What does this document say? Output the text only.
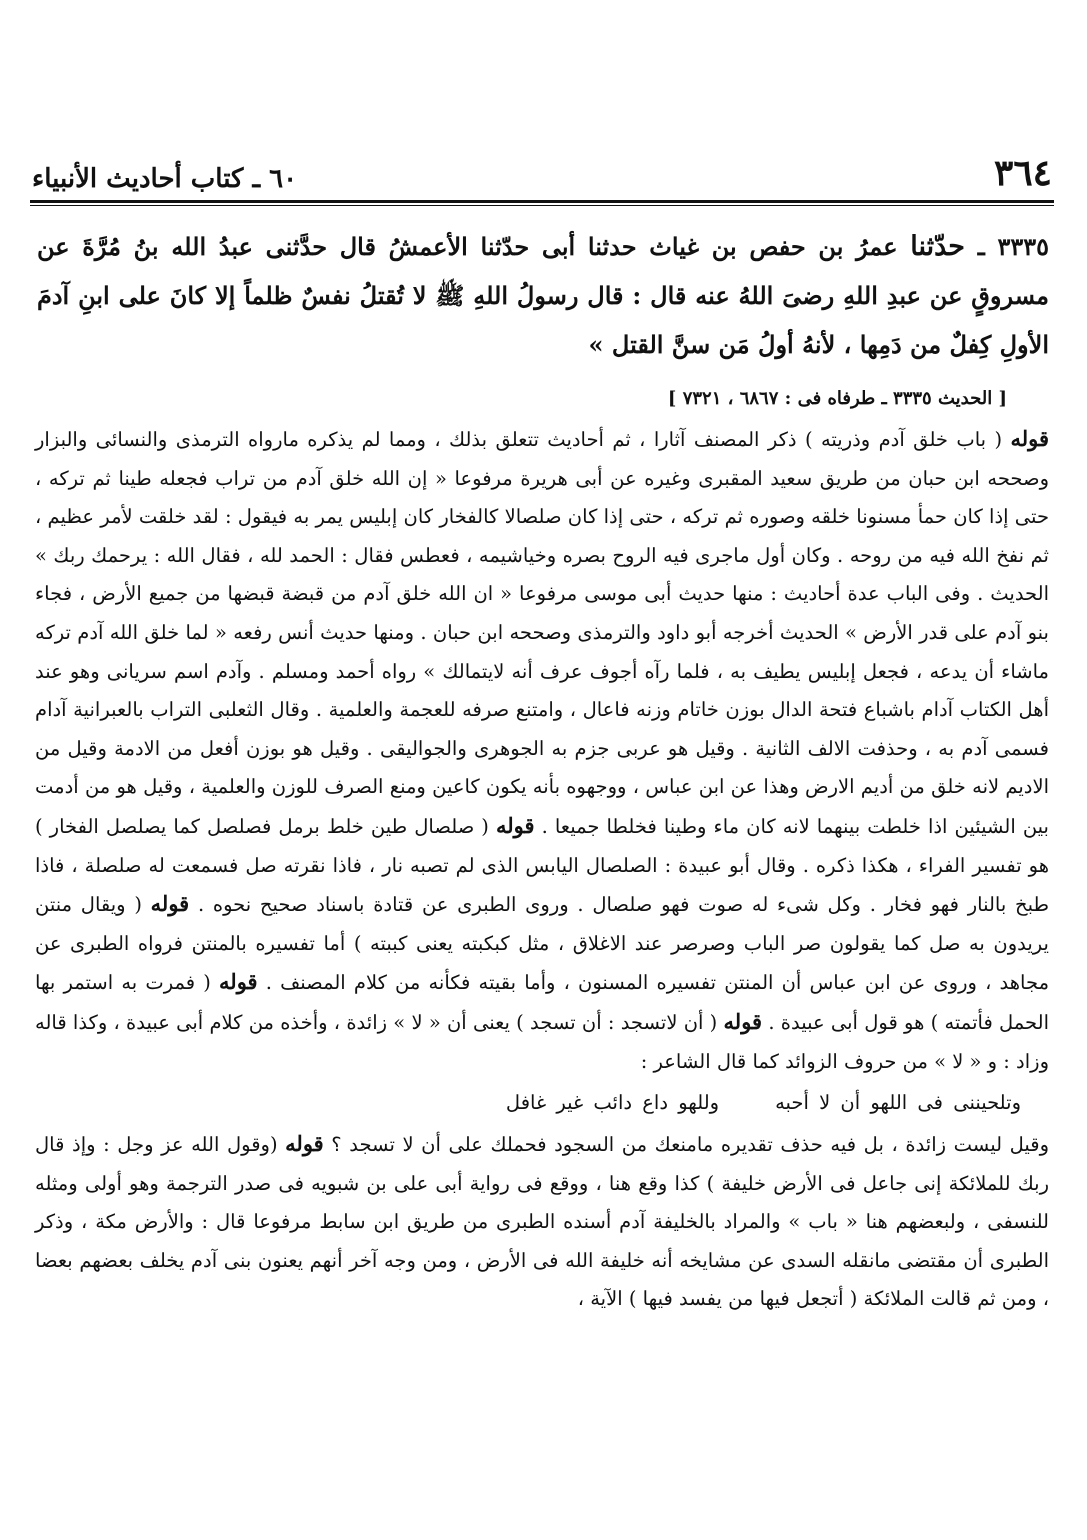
٣٦٤
٦٠ ـ كتاب أحاديث الأنبياء
٣٣٣٥ ـ حدّثنا عمرُ بن حفص بن غياث حدثنا أبى حدّثنا الأعمشُ قال حدَّثنى عبدُ الله بنُ مُرَّةَ عن مسروقٍ عن عبدِ اللهِ رضىَ اللهُ عنه قال : قال رسولُ اللهِ ﷺ لا تُقتلُ نفسٌ ظلماً إلا كانَ على ابنِ آدمَ الأولِ كِفلٌ من دَمِها ، لأنهُ أولُ مَن سنَّ القتل »
[ الحديث ٣٣٣٥ ـ طرفاه فى : ٦٨٦٧ ، ٧٣٢١ ]

قوله ( باب خلق آدم وذريته ) ذكر المصنف آثارا ، ثم أحاديث تتعلق بذلك ، ومما لم يذكره مارواه الترمذى والنسائى والبزار وصححه ابن حبان من طريق سعيد المقبرى وغيره عن أبى هريرة مرفوعا « إن الله خلق آدم من تراب فجعله طينا ثم تركه ، حتى إذا كان حمأ مسنونا خلقه وصوره ثم تركه ، حتى إذا كان صلصالا كالفخار كان إبليس يمر به فيقول : لقد خلقت لأمر عظيم ، ثم نفخ الله فيه من روحه . وكان أول ماجرى فيه الروح بصره وخياشيمه ، فعطس فقال : الحمد لله ، فقال الله : يرحمك ربك » الحديث . وفى الباب عدة أحاديث : منها حديث أبى موسى مرفوعا « ان الله خلق آدم من قبضة قبضها من جميع الأرض ، فجاء بنو آدم على قدر الأرض » الحديث أخرجه أبو داود والترمذى وصححه ابن حبان . ومنها حديث أنس رفعه « لما خلق الله آدم تركه ماشاء أن يدعه ، فجعل إبليس يطيف به ، فلما رآه أجوف عرف أنه لايتمالك » رواه أحمد ومسلم . وآدم اسم سريانى وهو عند أهل الكتاب آدام باشباع فتحة الدال بوزن خاتام وزنه فاعال ، وامتنع صرفه للعجمة والعلمية . وقال الثعلبى التراب بالعبرانية آدام فسمى آدم به ، وحذفت الالف الثانية . وقيل هو عربى جزم به الجوهرى والجواليقى . وقيل هو بوزن أفعل من الادمة وقيل من الاديم لانه خلق من أديم الارض وهذا عن ابن عباس ، ووجهوه بأنه يكون كاعين ومنع الصرف للوزن والعلمية ، وقيل هو من أدمت بين الشيئين اذا خلطت بينهما لانه كان ماء وطينا فخلطا جميعا . قوله ( صلصال طين خلط برمل فصلصل كما يصلصل الفخار ) هو تفسير الفراء ، هكذا ذكره . وقال أبو عبيدة : الصلصال اليابس الذى لم تصبه نار ، فاذا نقرته صل فسمعت له صلصلة ، فاذا طبخ بالنار فهو فخار . وكل شىء له صوت فهو صلصال . وروى الطبرى عن قتادة باسناد صحيح نحوه . قوله ( ويقال منتن يريدون به صل كما يقولون صر الباب وصرصر عند الاغلاق ، مثل كبكبته يعنى كببته ) أما تفسيره بالمنتن فرواه الطبرى عن مجاهد ، وروى عن ابن عباس أن المنتن تفسيره المسنون ، وأما بقيته فكأنه من كلام المصنف . قوله ( فمرت به استمر بها الحمل فأتمته ) هو قول أبى عبيدة . قوله ( أن لاتسجد : أن تسجد ) يعنى أن « لا » زائدة ، وأخذه من كلام أبى عبيدة ، وكذا قاله وزاد : و « لا » من حروف الزوائد كما قال الشاعر :

وتلحيننى فى اللهو أن لا أحبهوللهو داع دائب غير غافل

وقيل ليست زائدة ، بل فيه حذف تقديره مامنعك من السجود فحملك على أن لا تسجد ؟ قوله (وقول الله عز وجل : وإذ قال ربك للملائكة إنى جاعل فى الأرض خليفة ) كذا وقع هنا ، ووقع فى رواية أبى على بن شبويه فى صدر الترجمة وهو أولى ومثله للنسفى ، ولبعضهم هنا « باب » والمراد بالخليفة آدم أسنده الطبرى من طريق ابن سابط مرفوعا قال : والأرض مكة ، وذكر الطبرى أن مقتضى مانقله السدى عن مشايخه أنه خليفة الله فى الأرض ، ومن وجه آخر أنهم يعنون بنى آدم يخلف بعضهم بعضا ، ومن ثم قالت الملائكة ( أتجعل فيها من يفسد فيها ) الآية ،
